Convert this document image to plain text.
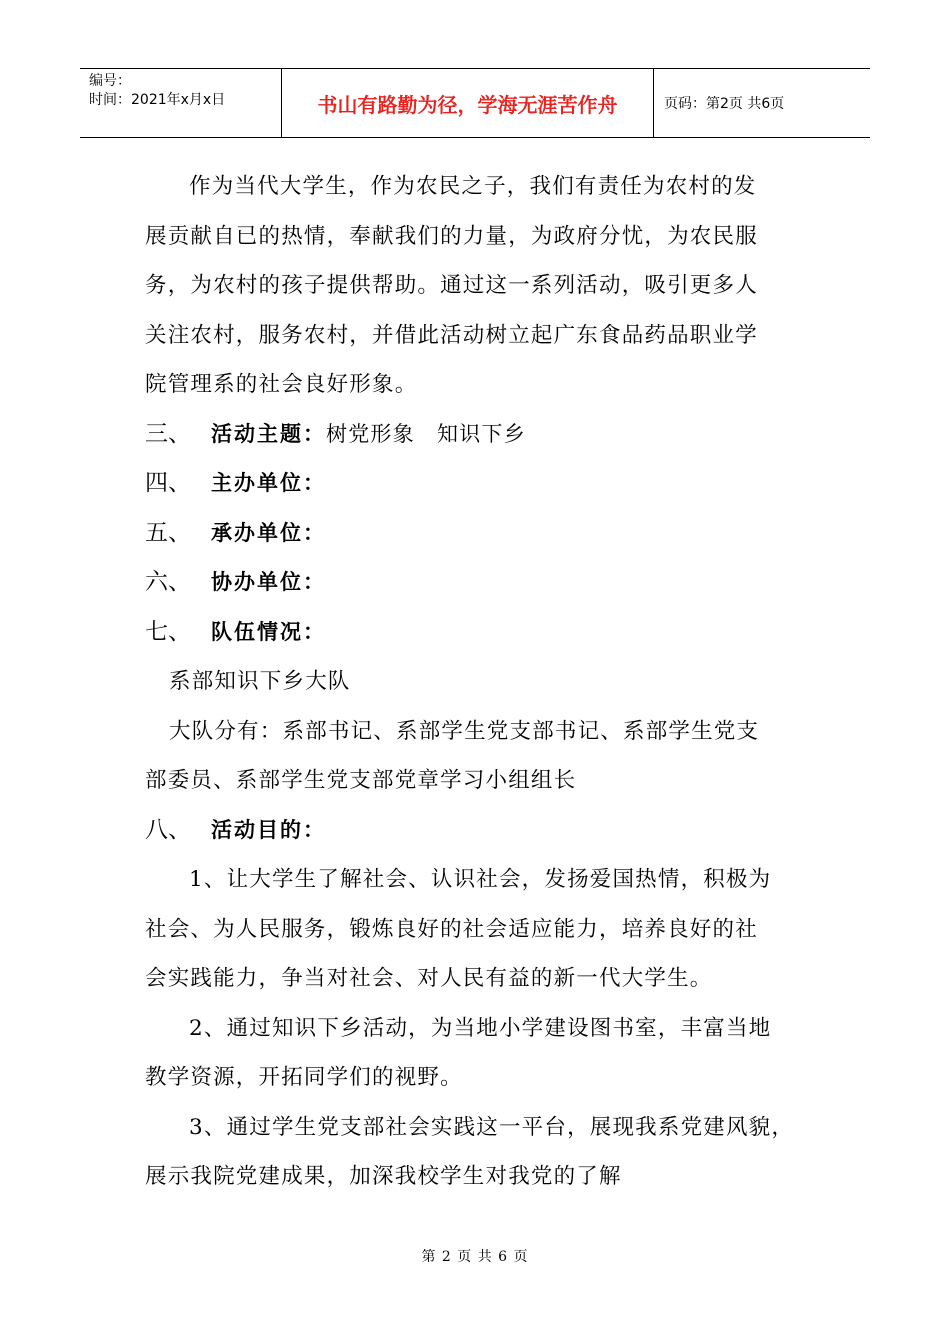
编号：
时间：2021年x月x日	书山有路勤为径，学海无涯苦作舟	页码：第2页 共6页

作为当代大学生，作为农民之子，我们有责任为农村的发

展贡献自已的热情，奉献我们的力量，为政府分忧，为农民服

务，为农村的孩子提供帮助。通过这一系列活动，吸引更多人

关注农村，服务农村，并借此活动树立起广东食品药品职业学

院管理系的社会良好形象。

三、 活动主题：树党形象　知识下乡

四、 主办单位：

五、 承办单位：

六、 协办单位：

七、 队伍情况：

系部知识下乡大队

大队分有：系部书记、系部学生党支部书记、系部学生党支

部委员、系部学生党支部党章学习小组组长

八、 活动目的：

1、让大学生了解社会、认识社会，发扬爱国热情，积极为

社会、为人民服务，锻炼良好的社会适应能力，培养良好的社

会实践能力，争当对社会、对人民有益的新一代大学生。

2、通过知识下乡活动，为当地小学建设图书室，丰富当地

教学资源，开拓同学们的视野。

3、通过学生党支部社会实践这一平台，展现我系党建风貌，

展示我院党建成果，加深我校学生对我党的了解

第 2 页 共 6 页
